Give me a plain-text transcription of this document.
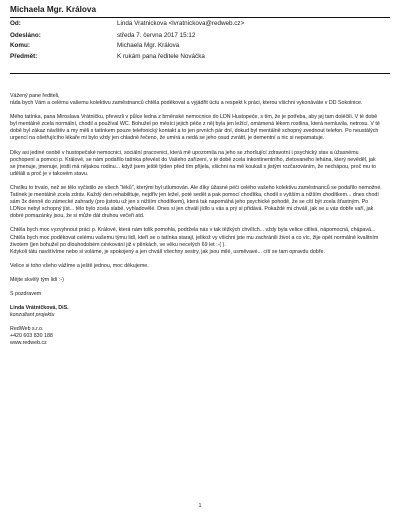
Michaela Mgr. Králova
Od:	Linda Vratnickova <lvratnickova@redweb.cz>
Odesláno:	středa 7. června 2017 15:12
Komu:	Michaela Mgr. Králova
Předmět:	K rukám pana ředitele Nováčka

Vážený pane řediteli,

ráda bych Vám a celému vašemu kolektivu zaměstnanců chtěla poděkovat a vyjádřit úctu a respekt k práci, kterou všichni vykonáváte v DD Sokolnice.

Mého tatínka, pana Miroslava Vrátničku, převezli v půlce ledna z brněnské nemocnice do LDN Hustopeče, s tím, že je potřeba, aby jej tam doléčili. V té době byl mentálně zcela normální, chodil a používal WC. Bohužel po měsíci jejich péče z něj byla jen ležící, omámená lékem rostlina, která nemluvila, netrosu. V té době byl zákaz návštěv a my měli s tatínkem pouze telefonický kontakt a to jen prvních pár dní, dokud byl mentálně schopný zvednout telefon. Po neustálých urgencí na ošetřujícího lékaře mi bylo vždy jen chladně řečeno, že umírá a nedá se jeho osud zvrátit, je dementní a nic si nepamatuje.

Díky asi jediné osobě v hustopečské nemocnici, sociální pracovnici, která mě upozornila na jeho se zhoršující zdravotní i psychický stav a úžasnému pochopení a pomoci p. Králové, se nám podařilo tatínka převést do Vašeho zařízení, v té době zcela inkontinentního, zletovaného lehána, který nevěděl, jak se jmenuje, jmenuje, jestli má nějakou rodinu... když jsem ještě týden před tím přijela, všichni na mě koukali s jistým rozčarováním, že nechápou, proč mu to uděláli a proč je v takovém stavu.

Chvilku to trvalo, než se tělo vyčistilo ze všech "léků", kterými byl utlumován. Ale díky úžasné péči celého vašeho kolektivu zaměstnanců se podařilo nemožné. Tatínek je mentálně zcela zdráv. Každý den rehabilituje, nejdřív jen ležel, poté sedět a pak pomocí chodítka, chodil s vyšším a nižším chodítkem... dnes chodí sám 3x denně do zámecké zahrady (pro jistotu už jen s nižším chodítkem), která tak napomáhá jeho psychické pohodě, že se cítí být zcela šťastným. Po LDNce nebyl schopný jíst... tělo bylo zcela slabé, vyhladovělé. Dnes si jen chválí jídlo u vás a prý si přidává. Pokaždé mi chválí, jak se u vás dobře vaří, jak dobré pomazánky jsou, že si může dát druhou večeři atd.

Chtěla bych moc vyzvyhnout práci p. Králové, která nám tolik pomohla, podržela nás v tak těžkých chvílích... vždy byla velice citlivá, nápomocná, chápavá... Chtěla bych moc poděkovat celému vašemu týmu lidí, kteří se o tatínka starají, jelikož vy všichni jste mu zachránili život a co víc, žije opět normálně kvalitním životem (jen bohužel po dlouhodobém cévkování již v plínkách, ve věku necelých 69 let :-( ).

Kdykoli tátu navštívíme nebo si voláme, je spokojený a jen chválí všechny sestry, jak jsou milé, usměvavé... cítí se tam opravdu dobře.

Velice si toho všeho vážíme a ještě jednou, moc děkujeme.

Mějte skvělý tým lidí :-)

S pozdravem

Linda Vrátničková, DiS.

konzultant projektu

RedWeb s.r.o.

+420 603 830 188

www.redweb.cz

1
